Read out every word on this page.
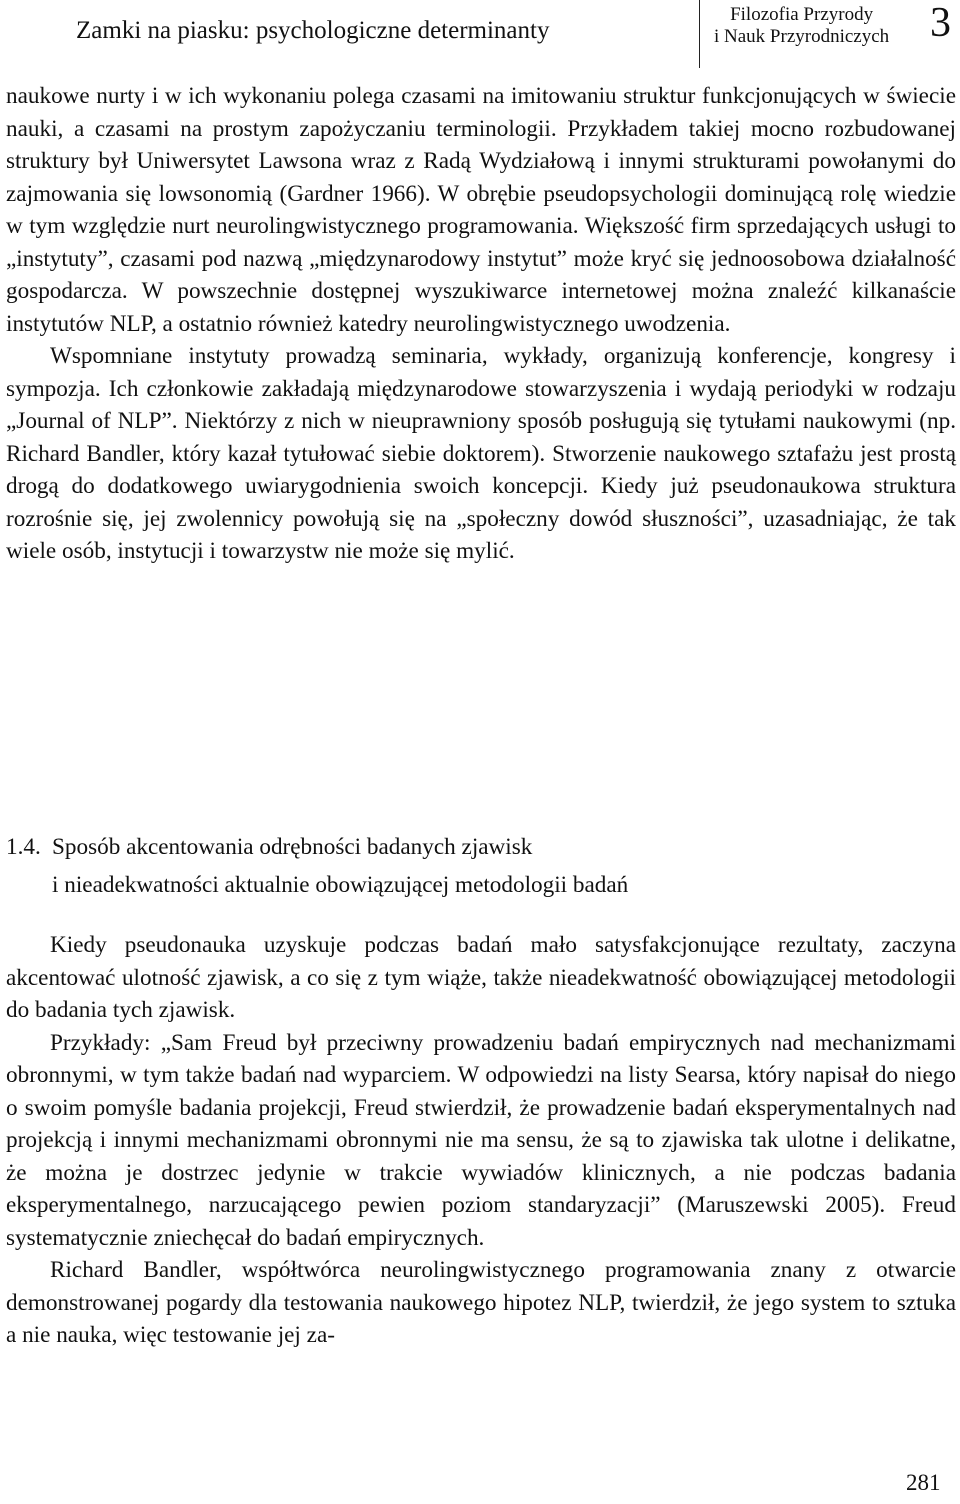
Zamki na piasku: psychologiczne determinanty
Filozofia Przyrody
i Nauk Przyrodniczych 3

naukowe nurty i w ich wykonaniu polega czasami na imitowaniu struktur funkcjonujących w świecie nauki, a czasami na prostym zapożyczaniu terminologii. Przykładem takiej mocno rozbudowanej struktury był Uniwersytet Lawsona wraz z Radą Wydziałową i innymi strukturami powołanymi do zajmowania się lowsonomią (Gardner 1966). W obrębie pseudopsychologii dominującą rolę wiedzie w tym względzie nurt neurolingwistycznego programowania. Większość firm sprzedających usługi to „instytuty”, czasami pod nazwą „międzynarodowy instytut” może kryć się jednoosobowa działalność gospodarcza. W powszechnie dostępnej wyszukiwarce internetowej można znaleźć kilkanaście instytutów NLP, a ostatnio również katedry neurolingwistycznego uwodzenia.

Wspomniane instytuty prowadzą seminaria, wykłady, organizują konferencje, kongresy i sympozja. Ich członkowie zakładają międzynarodowe stowarzyszenia i wydają periodyki w rodzaju „Journal of NLP”. Niektórzy z nich w nieuprawniony sposób posługują się tytułami naukowymi (np. Richard Bandler, który kazał tytułować siebie doktorem). Stworzenie naukowego sztafażu jest prostą drogą do dodatkowego uwiarygodnienia swoich koncepcji. Kiedy już pseudonaukowa struktura rozrośnie się, jej zwolennicy powołują się na „społeczny dowód słuszności”, uzasadniając, że tak wiele osób, instytucji i towarzystw nie może się mylić.

1.4. Sposób akcentowania odrębności badanych zjawisk
i nieadekwatności aktualnie obowiązującej metodologii badań

Kiedy pseudonauka uzyskuje podczas badań mało satysfakcjonujące rezultaty, zaczyna akcentować ulotność zjawisk, a co się z tym wiąże, także nieadekwatność obowiązującej metodologii do badania tych zjawisk.

Przykłady: „Sam Freud był przeciwny prowadzeniu badań empirycznych nad mechanizmami obronnymi, w tym także badań nad wyparciem. W odpowiedzi na listy Searsa, który napisał do niego o swoim pomyśle badania projekcji, Freud stwierdził, że prowadzenie badań eksperymentalnych nad projekcją i innymi mechanizmami obronnymi nie ma sensu, że są to zjawiska tak ulotne i delikatne, że można je dostrzec jedynie w trakcie wywiadów klinicznych, a nie podczas badania eksperymentalnego, narzucającego pewien poziom standaryzacji” (Maruszewski 2005). Freud systematycznie zniechęcał do badań empirycznych.

Richard Bandler, współtwórca neurolingwistycznego programowania znany z otwarcie demonstrowanej pogardy dla testowania naukowego hipotez NLP, twierdził, że jego system to sztuka a nie nauka, więc testowanie jej za-

281
